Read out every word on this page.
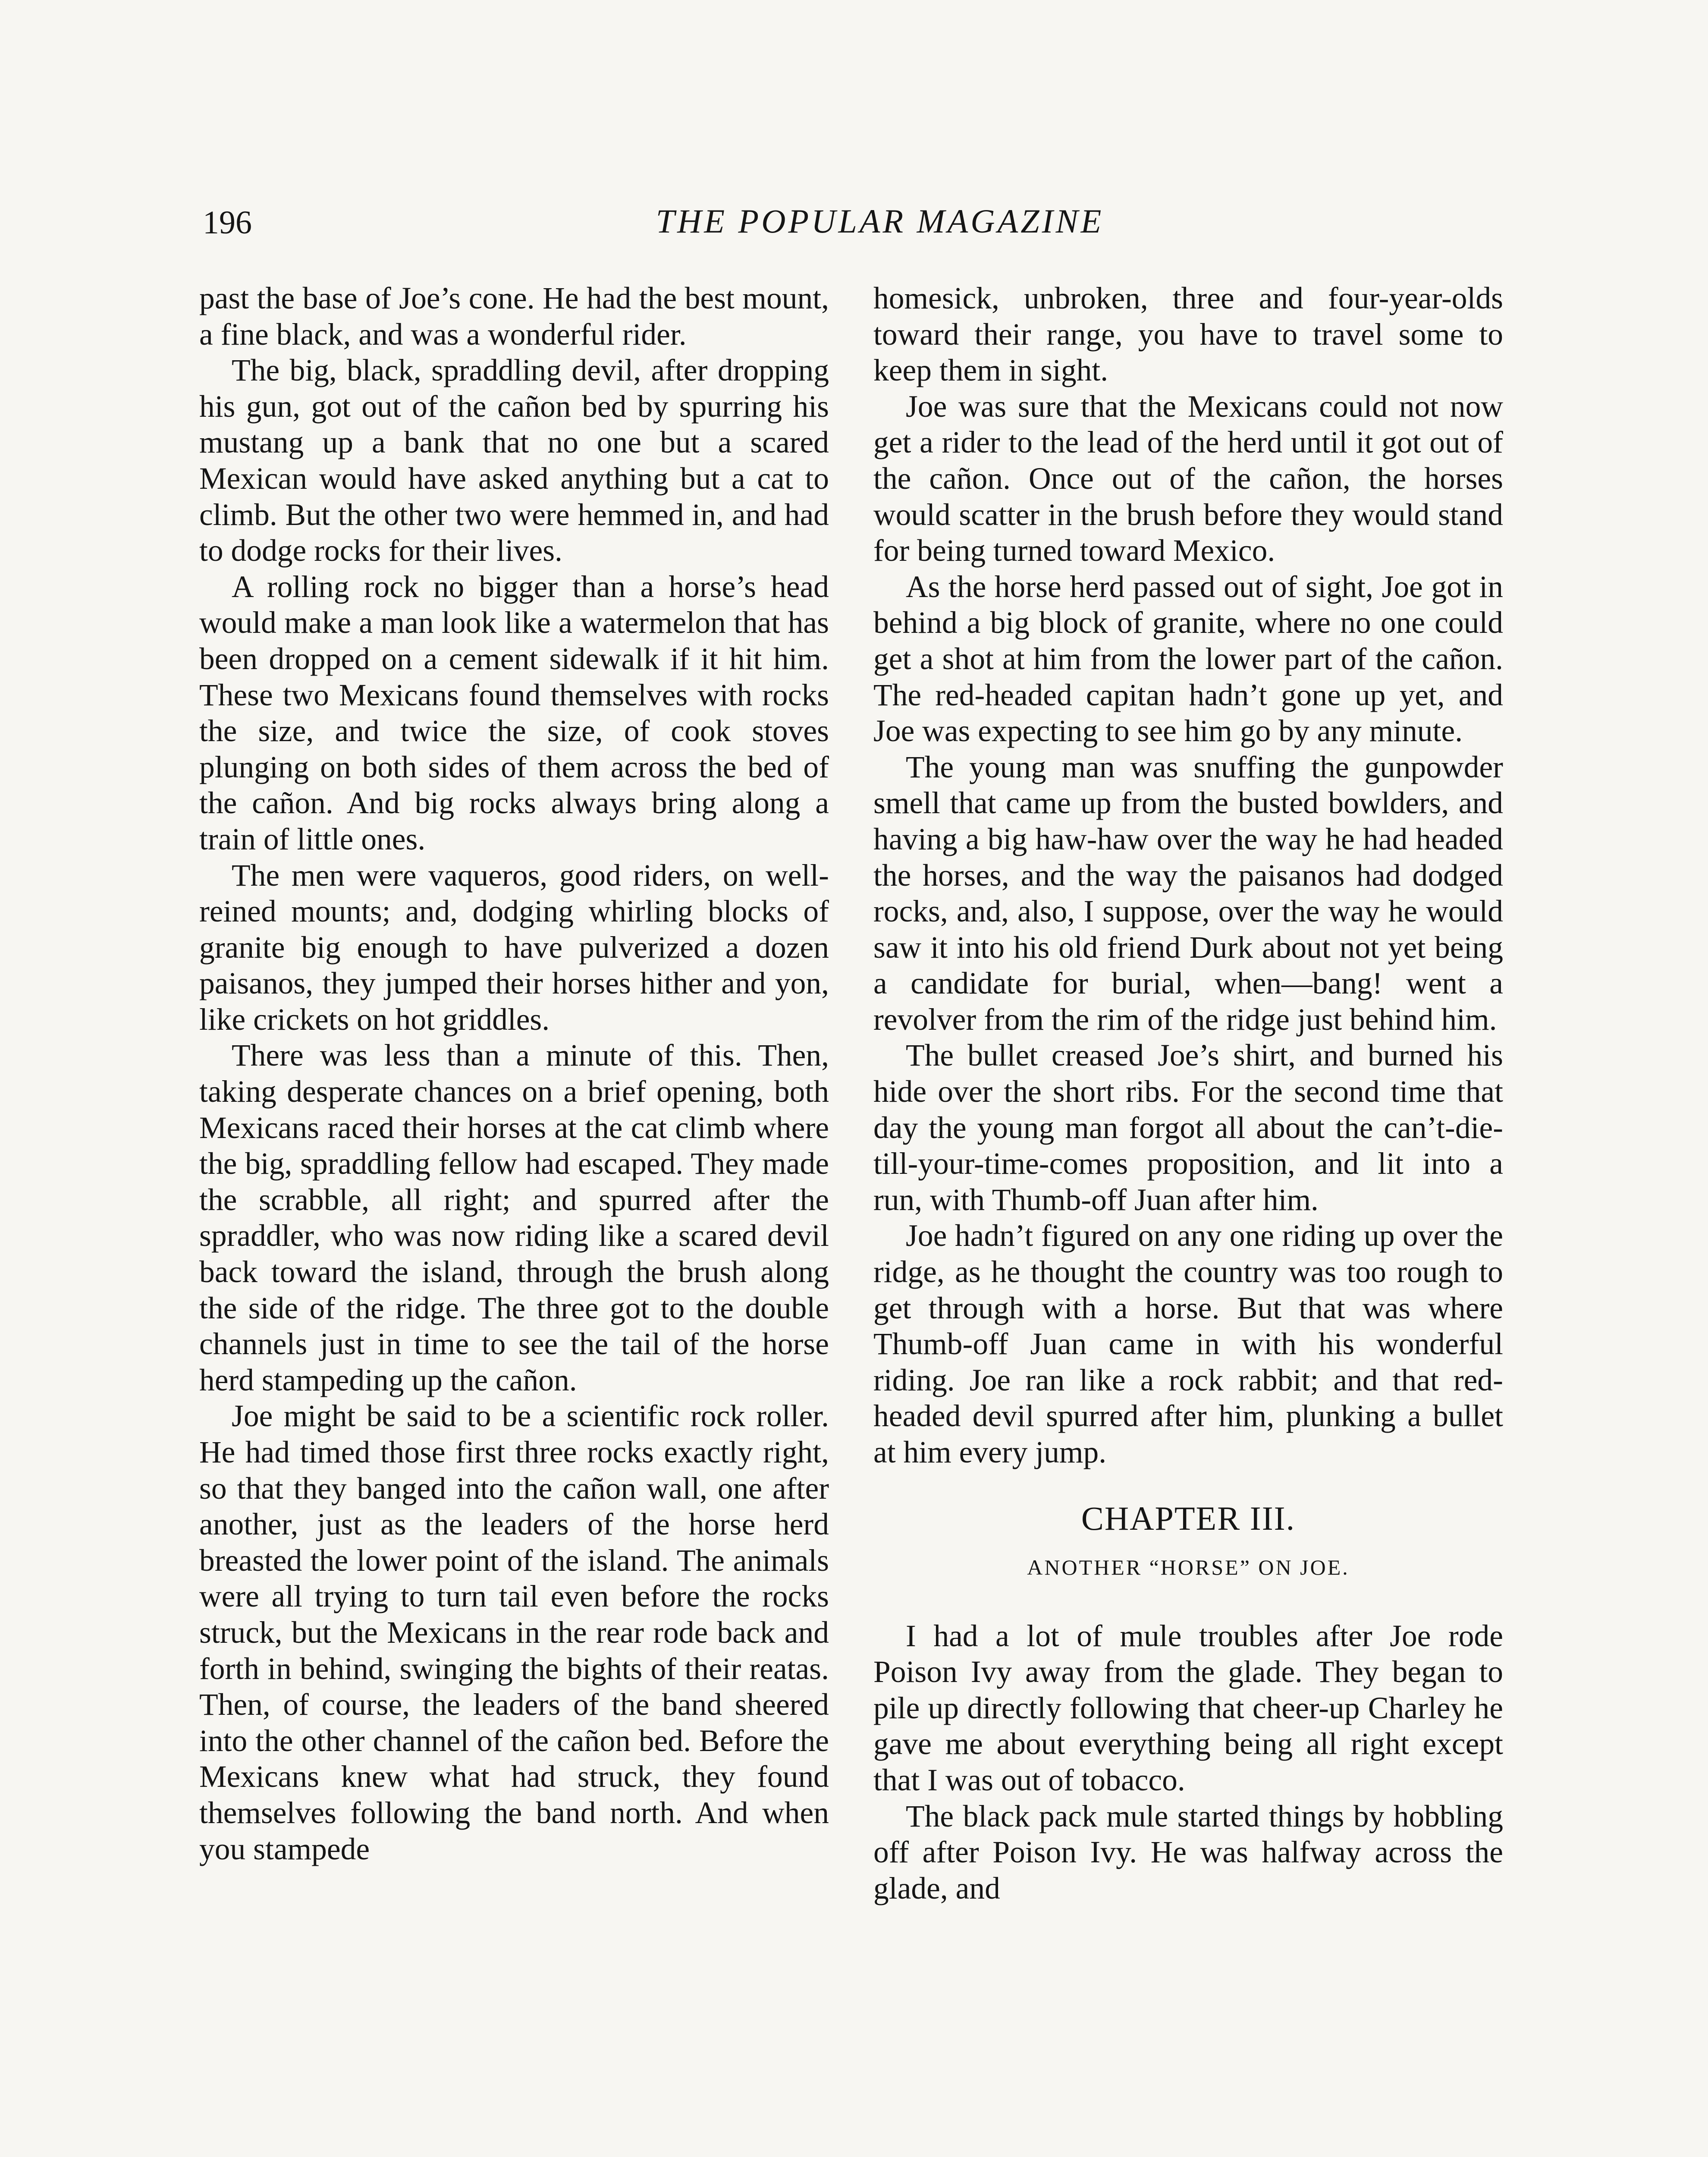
196	THE POPULAR MAGAZINE

past the base of Joe’s cone. He had the best mount, a fine black, and was a wonderful rider.

The big, black, spraddling devil, after dropping his gun, got out of the cañon bed by spurring his mustang up a bank that no one but a scared Mexican would have asked anything but a cat to climb. But the other two were hemmed in, and had to dodge rocks for their lives.

A rolling rock no bigger than a horse’s head would make a man look like a watermelon that has been dropped on a cement sidewalk if it hit him. These two Mexicans found themselves with rocks the size, and twice the size, of cook stoves plunging on both sides of them across the bed of the cañon. And big rocks always bring along a train of little ones.

The men were vaqueros, good riders, on well-reined mounts; and, dodging whirling blocks of granite big enough to have pulverized a dozen paisanos, they jumped their horses hither and yon, like crickets on hot griddles.

There was less than a minute of this. Then, taking desperate chances on a brief opening, both Mexicans raced their horses at the cat climb where the big, spraddling fellow had escaped. They made the scrabble, all right; and spurred after the spraddler, who was now riding like a scared devil back toward the island, through the brush along the side of the ridge. The three got to the double channels just in time to see the tail of the horse herd stampeding up the cañon.

Joe might be said to be a scientific rock roller. He had timed those first three rocks exactly right, so that they banged into the cañon wall, one after another, just as the leaders of the horse herd breasted the lower point of the island. The animals were all trying to turn tail even before the rocks struck, but the Mexicans in the rear rode back and forth in behind, swinging the bights of their reatas. Then, of course, the leaders of the band sheered into the other channel of the cañon bed. Before the Mexicans knew what had struck, they found themselves following the band north. And when you stampede

homesick, unbroken, three and four-year-olds toward their range, you have to travel some to keep them in sight.

Joe was sure that the Mexicans could not now get a rider to the lead of the herd until it got out of the cañon. Once out of the cañon, the horses would scatter in the brush before they would stand for being turned toward Mexico.

As the horse herd passed out of sight, Joe got in behind a big block of granite, where no one could get a shot at him from the lower part of the cañon. The red-headed capitan hadn’t gone up yet, and Joe was expecting to see him go by any minute.

The young man was snuffing the gunpowder smell that came up from the busted bowlders, and having a big haw-haw over the way he had headed the horses, and the way the paisanos had dodged rocks, and, also, I suppose, over the way he would saw it into his old friend Durk about not yet being a candidate for burial, when—bang! went a revolver from the rim of the ridge just behind him.

The bullet creased Joe’s shirt, and burned his hide over the short ribs. For the second time that day the young man forgot all about the can’t-die-till-your-time-comes proposition, and lit into a run, with Thumb-off Juan after him.

Joe hadn’t figured on any one riding up over the ridge, as he thought the country was too rough to get through with a horse. But that was where Thumb-off Juan came in with his wonderful riding. Joe ran like a rock rabbit; and that red-headed devil spurred after him, plunking a bullet at him every jump.

CHAPTER III.
ANOTHER “HORSE” ON JOE.

I had a lot of mule troubles after Joe rode Poison Ivy away from the glade. They began to pile up directly following that cheer-up Charley he gave me about everything being all right except that I was out of tobacco.

The black pack mule started things by hobbling off after Poison Ivy. He was halfway across the glade, and
